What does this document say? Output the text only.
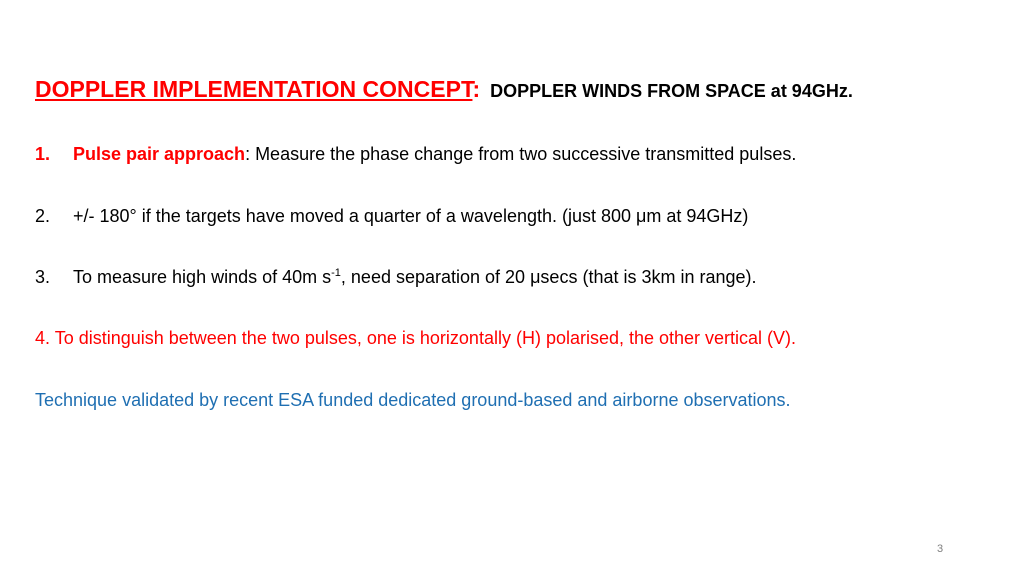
DOPPLER IMPLEMENTATION CONCEPT: DOPPLER WINDS FROM SPACE at 94GHz.
1. Pulse pair approach: Measure the phase change from two successive transmitted pulses.
2. +/- 180° if the targets have moved a quarter of a wavelength. (just 800 μm at 94GHz)
3. To measure high winds of 40m $s^{-1}$, need separation of 20 μsecs (that is 3km in range).
4. To distinguish between the two pulses, one is horizontally (H) polarised, the other vertical (V).
Technique validated by recent ESA funded dedicated ground-based and airborne observations.
3
